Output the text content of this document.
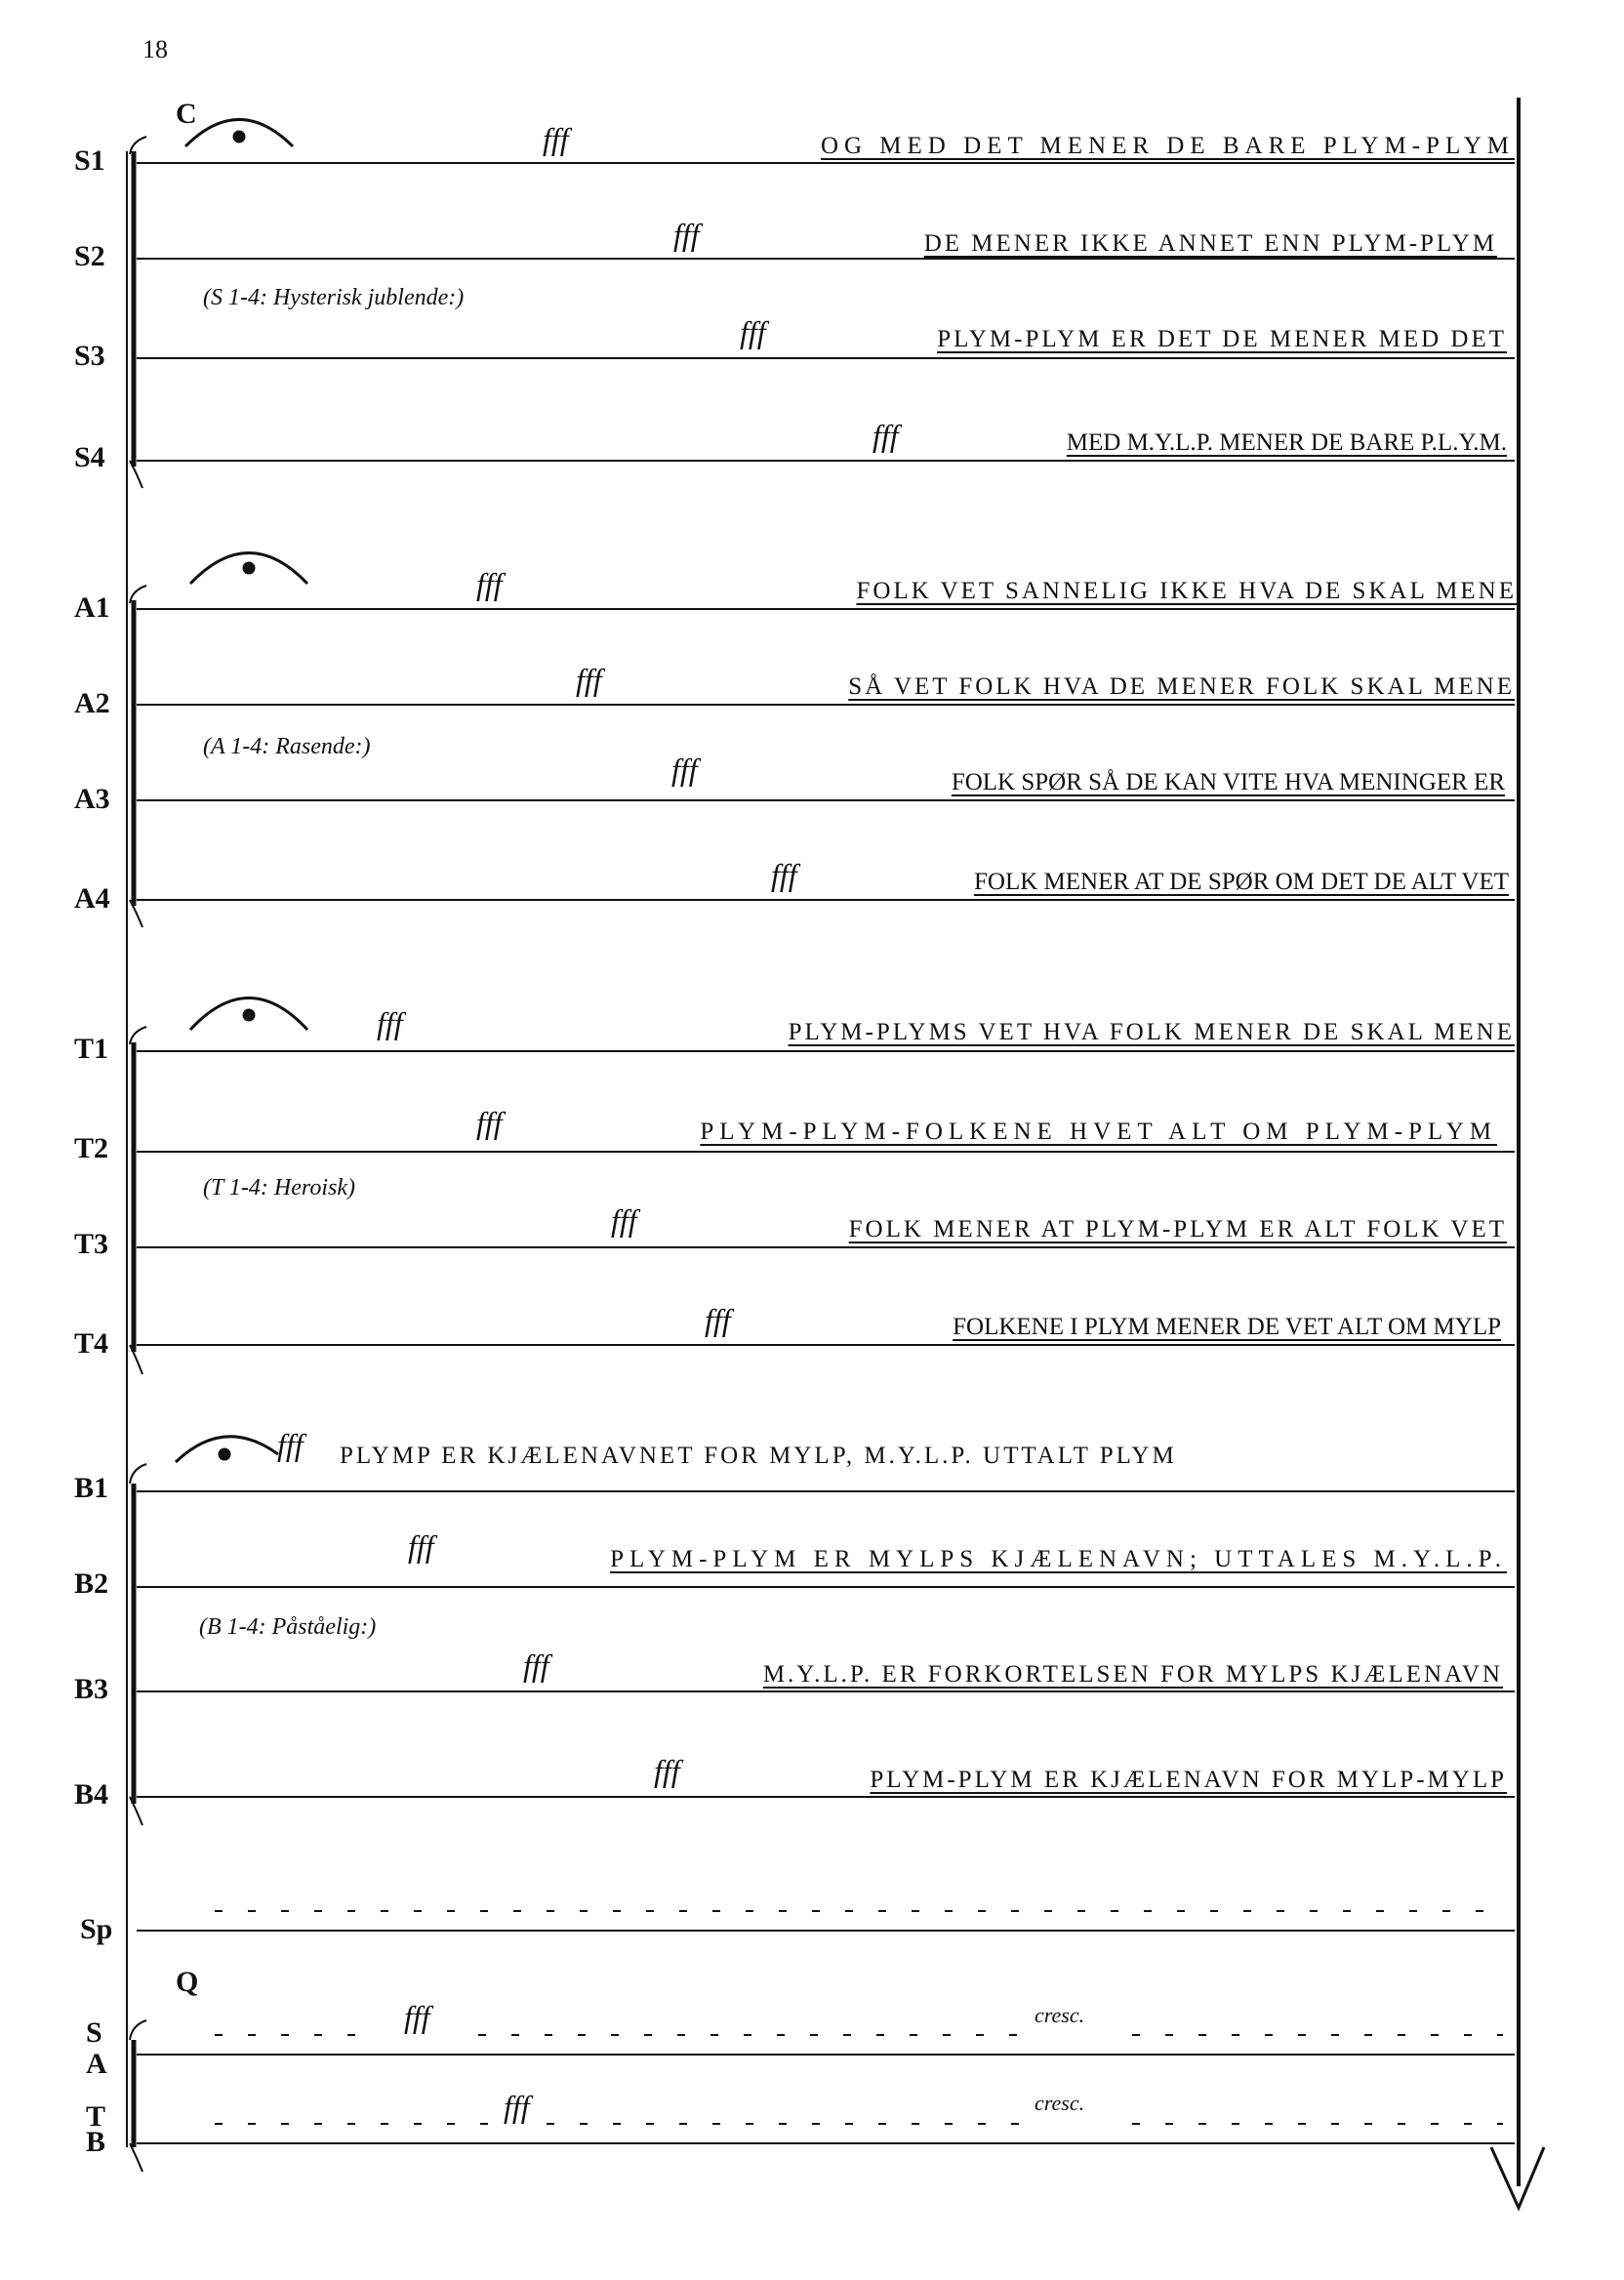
18
C
Q
S1
S2
S3
S4
(S 1-4: Hysterisk jublende:)
fff	OG MED DET MENER DE BARE PLYM-PLYM
fff	DE MENER IKKE ANNET ENN PLYM-PLYM
fff	PLYM-PLYM ER DET DE MENER MED DET
fff	MED M.Y.L.P. MENER DE BARE P.L.Y.M.
A1
A2
A3
A4
(A 1-4: Rasende:)
fff	FOLK VET SANNELIG IKKE HVA DE SKAL MENE
fff	SÅ VET FOLK HVA DE MENER FOLK SKAL MENE
fff	FOLK SPØR SÅ DE KAN VITE HVA MENINGER ER
fff	FOLK MENER AT DE SPØR OM DET DE ALT VET
T1
T2
T3
T4
(T 1-4: Heroisk)
fff	PLYM-PLYMS VET HVA FOLK MENER DE SKAL MENE
fff	PLYM-PLYM-FOLKENE HVET ALT OM PLYM-PLYM
fff	FOLK MENER AT PLYM-PLYM ER ALT FOLK VET
fff	FOLKENE I PLYM MENER DE VET ALT OM MYLP
B1
B2
B3
B4
(B 1-4: Påståelig:)
fff PLYMP ER KJÆLENAVNET FOR MYLP, M.Y.L.P. UTTALT PLYM
fff	PLYM-PLYM ER MYLPS KJÆLENAVN; UTTALES M.Y.L.P.
fff	M.Y.L.P. ER FORKORTELSEN FOR MYLPS KJÆLENAVN
fff	PLYM-PLYM ER KJÆLENAVN FOR MYLP-MYLP
Sp
S
A
T
B
fff	cresc.
fff	cresc.
